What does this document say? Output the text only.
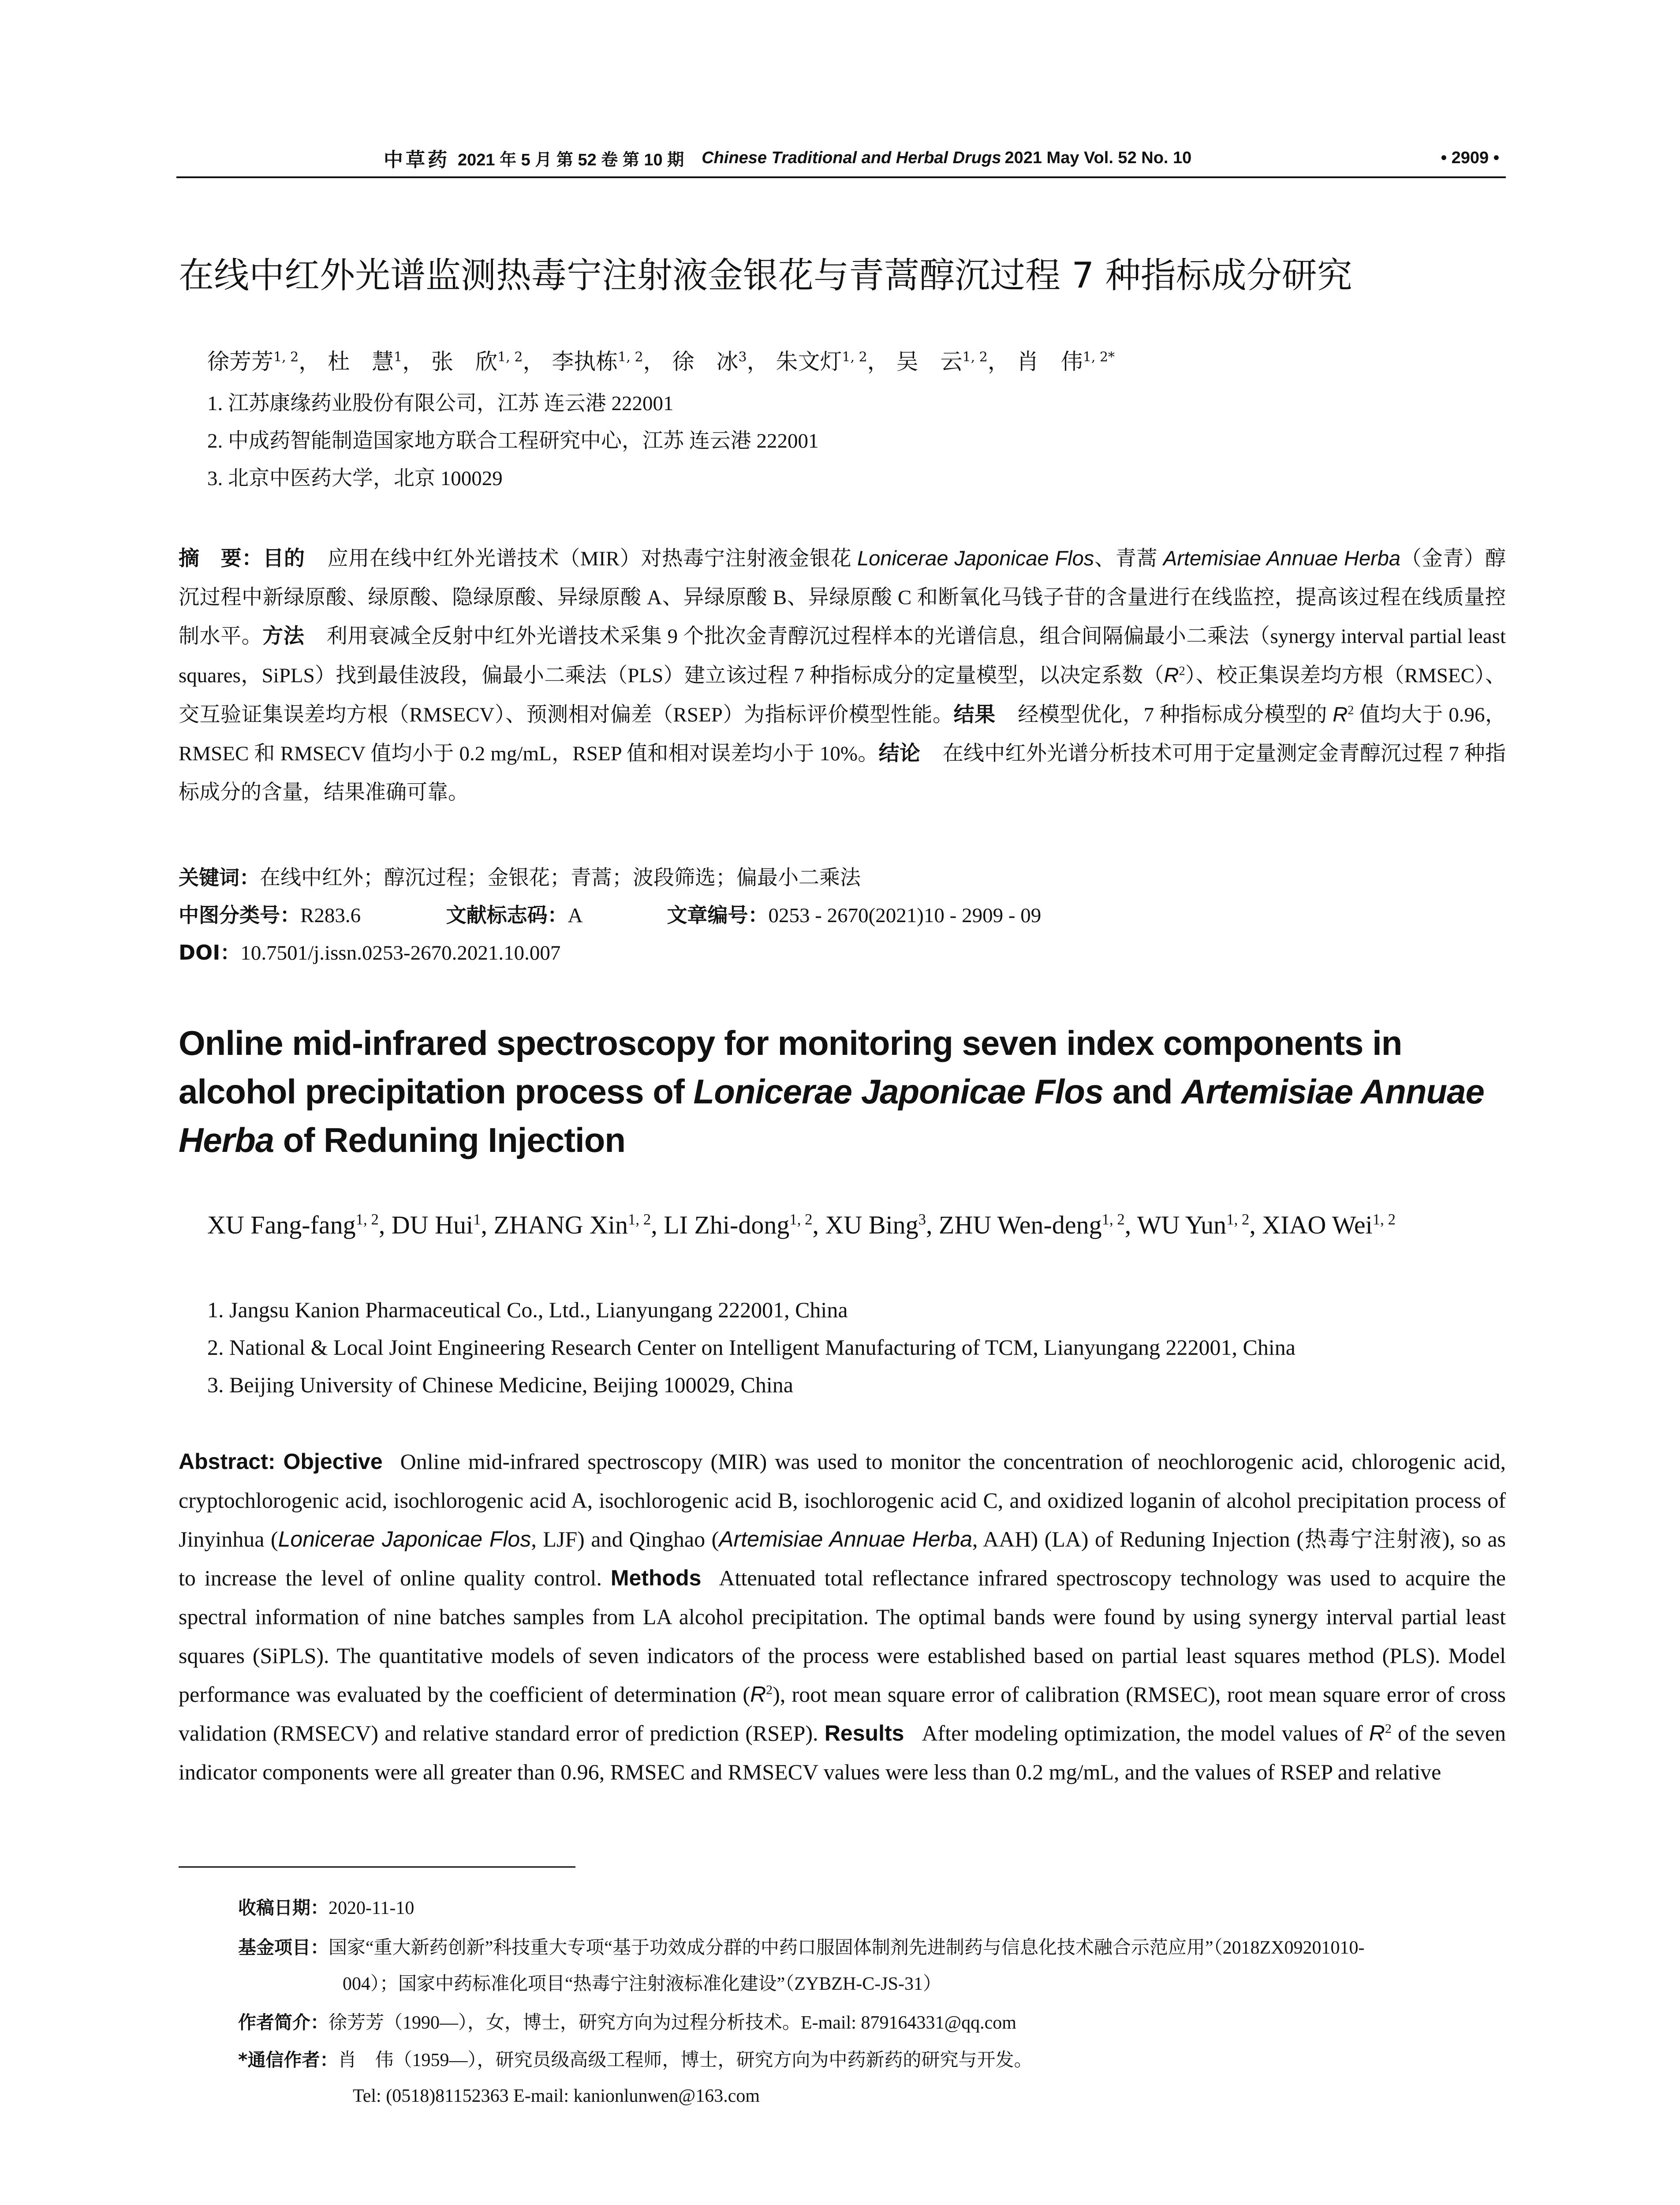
中草药 2021 年 5 月 第 52 卷 第 10 期 Chinese Traditional and Herbal Drugs 2021 May Vol. 52 No. 10	• 2909 •
在线中红外光谱监测热毒宁注射液金银花与青蒿醇沉过程 7 种指标成分研究
徐芳芳$^{1, 2}$， 杜　慧$^1$， 张　欣$^{1, 2}$， 李执栋$^{1, 2}$， 徐　冰$^3$， 朱文灯$^{1, 2}$， 吴　云$^{1, 2}$， 肖　伟$^{1, 2*}$
1. 江苏康缘药业股份有限公司，江苏 连云港 222001
2. 中成药智能制造国家地方联合工程研究中心，江苏 连云港 222001
3. 北京中医药大学，北京 100029
摘　要：目的 应用在线中红外光谱技术（MIR）对热毒宁注射液金银花 Lonicerae Japonicae Flos、青蒿 Artemisiae Annuae Herba（金青）醇沉过程中新绿原酸、绿原酸、隐绿原酸、异绿原酸 A、异绿原酸 B、异绿原酸 C 和断氧化马钱子苷的含量进行在线监控，提高该过程在线质量控制水平。方法 利用衰减全反射中红外光谱技术采集 9 个批次金青醇沉过程样本的光谱信息，组合间隔偏最小二乘法（synergy interval partial least squares，SiPLS）找到最佳波段，偏最小二乘法（PLS）建立该过程 7 种指标成分的定量模型，以决定系数$(R^2)$、校正集误差均方根（RMSEC）、交互验证集误差均方根（RMSECV）、预测相对偏差（RSEP）为指标评价模型性能。结果 经模型优化，7 种指标成分模型的 $R^2$ 值均大于 0.96，RMSEC 和 RMSECV 值均小于 0.2 mg/mL，RSEP 值和相对误差均小于 10%。结论 在线中红外光谱分析技术可用于定量测定金青醇沉过程 7 种指标成分的含量，结果准确可靠。
关键词：在线中红外；醇沉过程；金银花；青蒿；波段筛选；偏最小二乘法
中图分类号：R283.6	文献标志码：A	文章编号：0253 - 2670(2021)10 - 2909 - 09
DOI：10.7501/j.issn.0253-2670.2021.10.007
Online mid-infrared spectroscopy for monitoring seven index components in alcohol precipitation process of Lonicerae Japonicae Flos and Artemisiae Annuae Herba of Reduning Injection
XU Fang-fang$^{1, 2}$, DU Hui$^1$, ZHANG Xin$^{1, 2}$, LI Zhi-dong$^{1, 2}$, XU Bing$^3$, ZHU Wen-deng$^{1, 2}$, WU Yun$^{1, 2}$, XIAO Wei$^{1, 2}$
1. Jangsu Kanion Pharmaceutical Co., Ltd., Lianyungang 222001, China
2. National & Local Joint Engineering Research Center on Intelligent Manufacturing of TCM, Lianyungang 222001, China
3. Beijing University of Chinese Medicine, Beijing 100029, China
Abstract: Objective Online mid-infrared spectroscopy (MIR) was used to monitor the concentration of neochlorogenic acid, chlorogenic acid, cryptochlorogenic acid, isochlorogenic acid A, isochlorogenic acid B, isochlorogenic acid C, and oxidized loganin of alcohol precipitation process of Jinyinhua (Lonicerae Japonicae Flos, LJF) and Qinghao (Artemisiae Annuae Herba, AAH) (LA) of Reduning Injection (热毒宁注射液), so as to increase the level of online quality control. Methods Attenuated total reflectance infrared spectroscopy technology was used to acquire the spectral information of nine batches samples from LA alcohol precipitation. The optimal bands were found by using synergy interval partial least squares (SiPLS). The quantitative models of seven indicators of the process were established based on partial least squares method (PLS). Model performance was evaluated by the coefficient of determination $(R^2)$, root mean square error of calibration (RMSEC), root mean square error of cross validation (RMSECV) and relative standard error of prediction (RSEP). Results After modeling optimization, the model values of $R^2$ of the seven indicator components were all greater than 0.96, RMSEC and RMSECV values were less than 0.2 mg/mL, and the values of RSEP and relative
收稿日期：2020-11-10
基金项目：国家“重大新药创新”科技重大专项“基于功效成分群的中药口服固体制剂先进制药与信息化技术融合示范应用”（2018ZX09201010-
004）；国家中药标准化项目“热毒宁注射液标准化建设”（ZYBZH-C-JS-31）
作者简介：徐芳芳（1990—），女，博士，研究方向为过程分析技术。E-mail: 879164331@qq.com
*通信作者：肖　伟（1959—），研究员级高级工程师，博士，研究方向为中药新药的研究与开发。
Tel: (0518)81152363 E-mail: kanionlunwen@163.com
